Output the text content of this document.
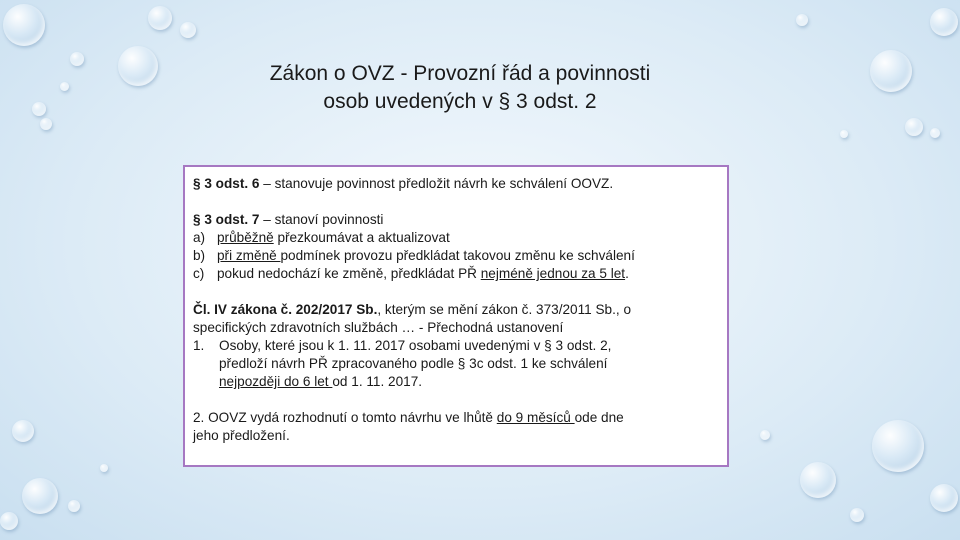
Zákon o OVZ - Provozní řád a povinnosti
osob uvedených v § 3 odst. 2

§ 3 odst. 6 – stanovuje povinnost předložit návrh ke schválení OOVZ.

§ 3 odst. 7 – stanoví povinnosti

a) průběžně přezkoumávat a aktualizovat
b) při změně podmínek provozu předkládat takovou změnu ke schválení
c) pokud nedochází ke změně, předkládat PŘ nejméně jednou za 5 let.

Čl. IV zákona č. 202/2017 Sb., kterým se mění zákon č. 373/2011 Sb., o

specifických zdravotních službách … - Přechodná ustanovení

1.	Osoby, které jsou k 1. 11. 2017 osobami uvedenými v § 3 odst. 2,
předloží návrh PŘ zpracovaného podle § 3c odst. 1 ke schválení
nejpozději do 6 let od 1. 11. 2017.

2. OOVZ vydá rozhodnutí o tomto návrhu ve lhůtě do 9 měsíců ode dne

jeho předložení.
